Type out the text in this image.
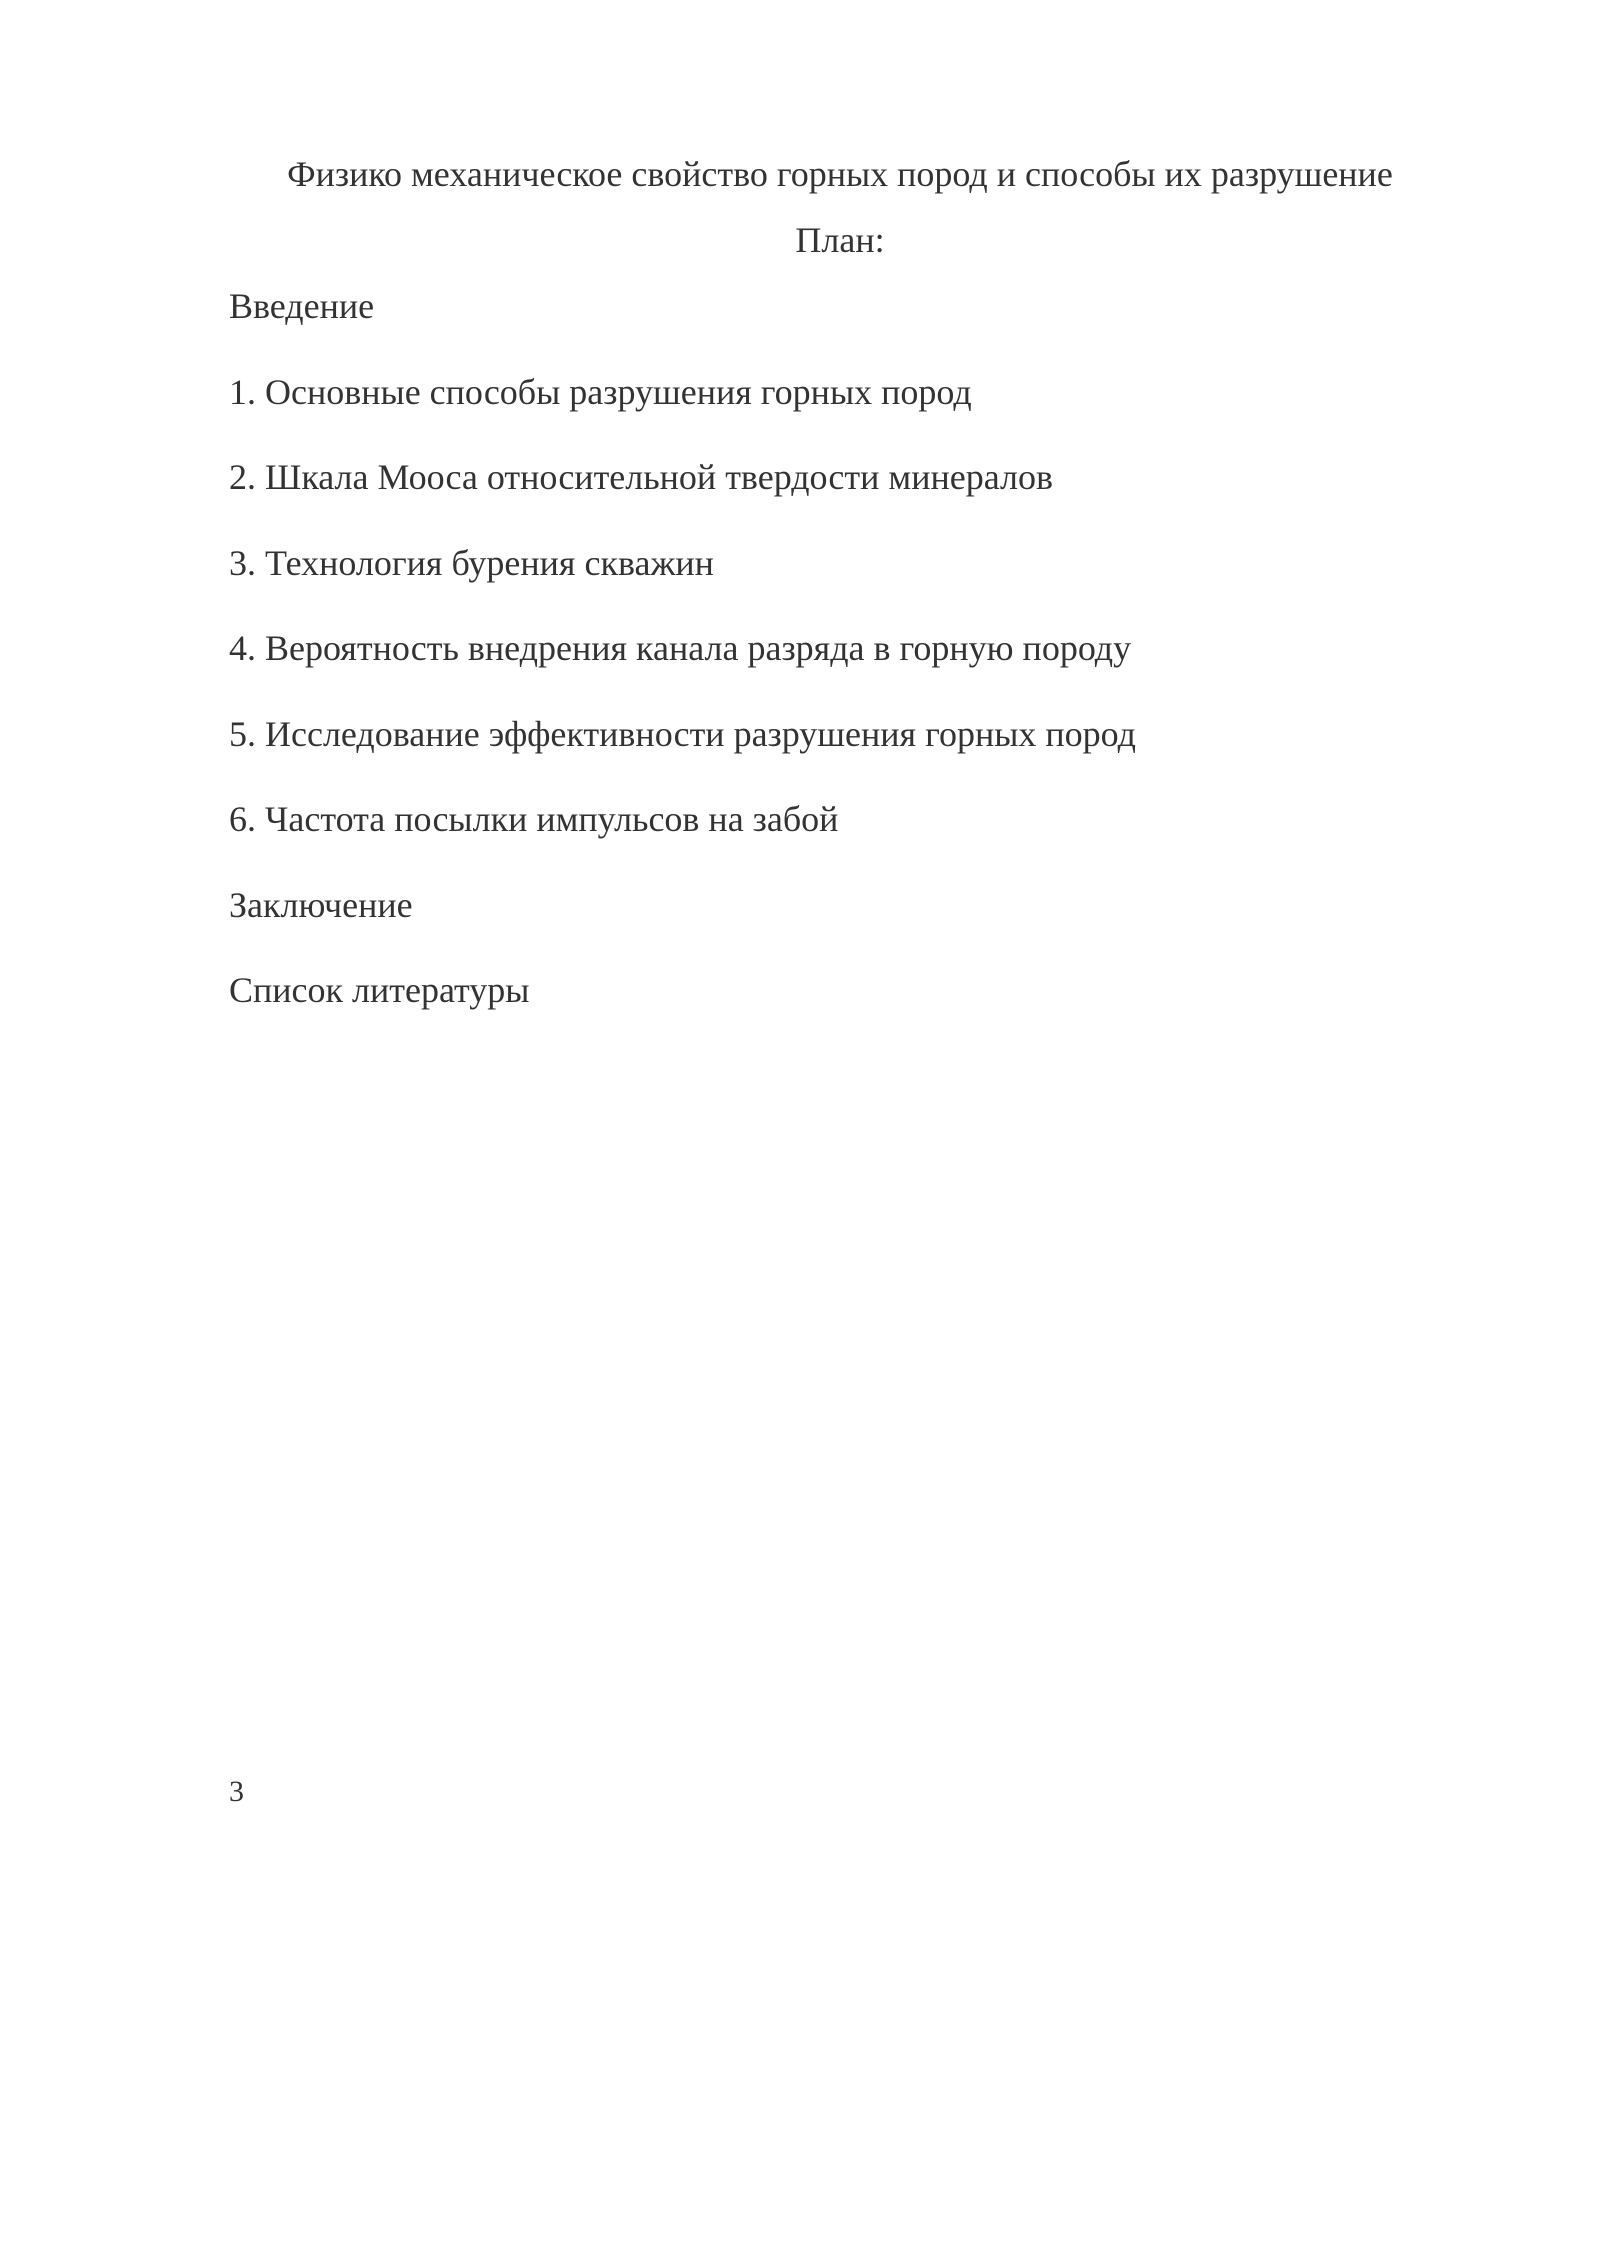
Физико механическое свойство горных пород и способы их разрушение
План:
Введение
1. Основные способы разрушения горных пород
2. Шкала Мооса относительной твердости минералов
3. Технология бурения скважин
4. Вероятность внедрения канала разряда в горную породу
5. Исследование эффективности разрушения горных пород
6. Частота посылки импульсов на забой
Заключение
Список литературы

3
